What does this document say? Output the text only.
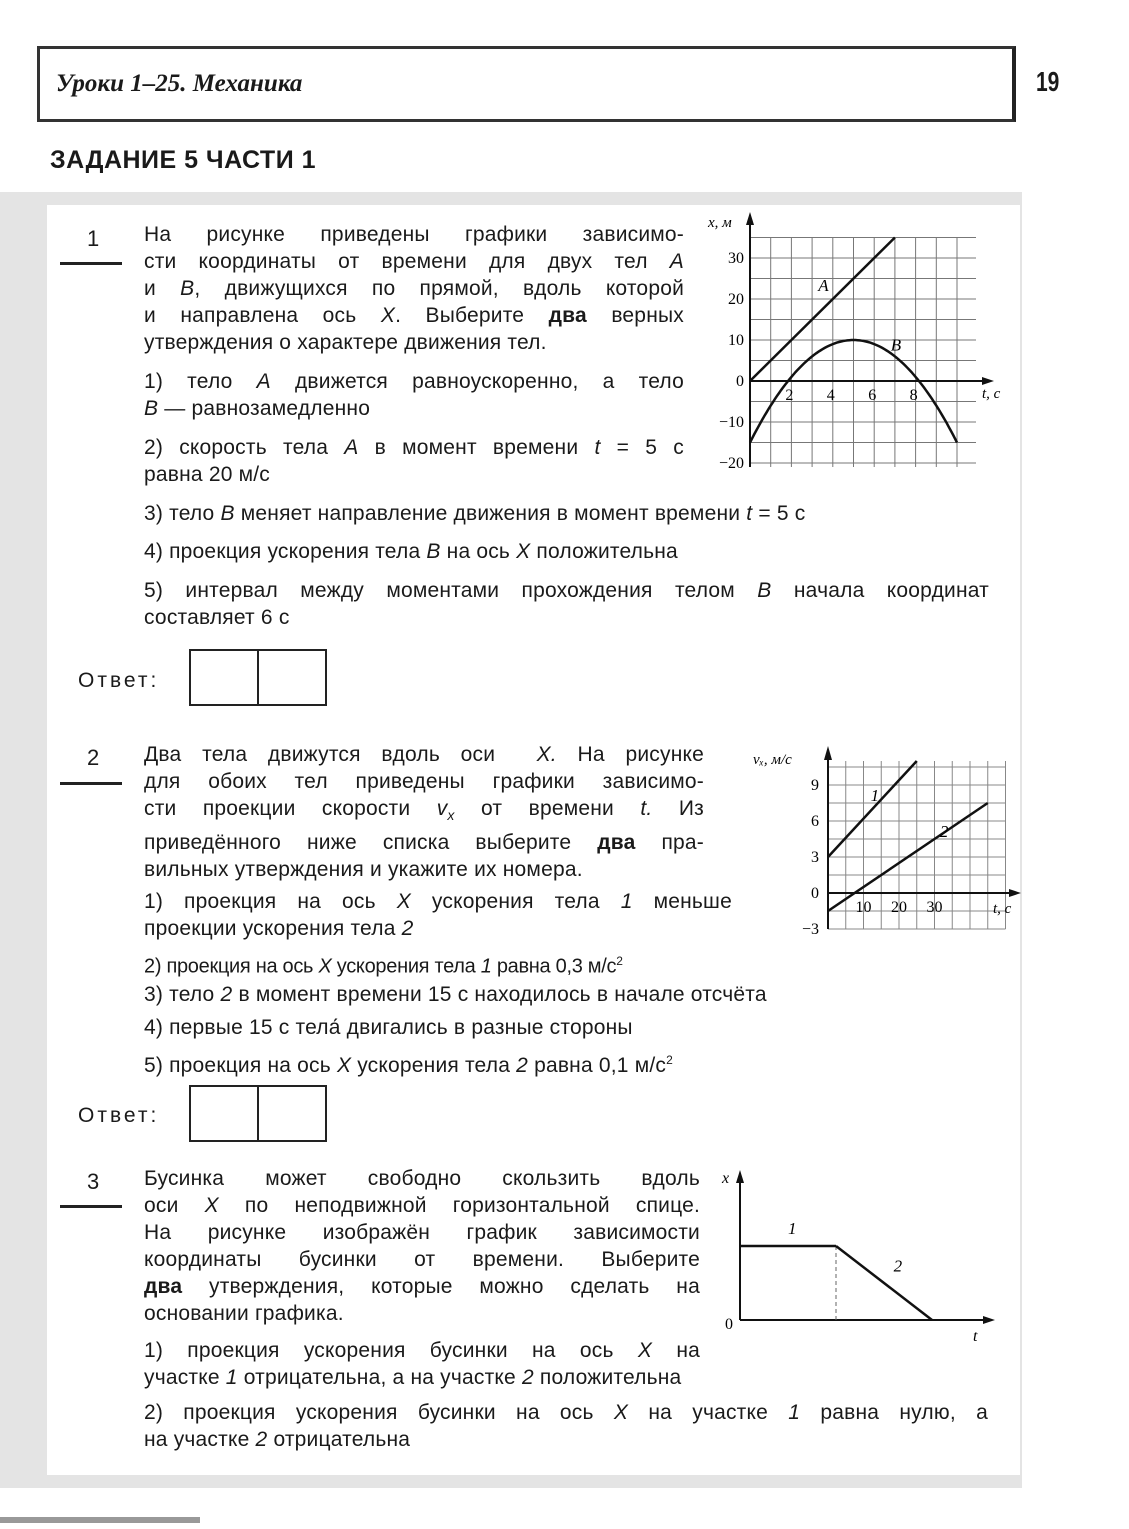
Уроки 1–25. Механика	19
ЗАДАНИЕ 5 ЧАСТИ 1
1 На рисунке приведены графики зависимо-
сти координаты от времени для двух тел A
и B, движущихся по прямой, вдоль которой
и направлена ось X. Выберите два верных
утверждения о характере движения тел.
1) тело A движется равноускоренно, а тело
B — равнозамедленно
2) скорость тела A в момент времени t = 5 с
равна 20 м/с
3) тело B меняет направление движения в момент времени t = 5 с
4) проекция ускорения тела B на ось X положительна
5) интервал между моментами прохождения телом B начала координат
составляет 6 с
Ответ:
x, м
t, с
30
20
10
0
−10
−20
2 4 6 8
A
B
2 Два тела движутся вдоль оси X. На рисунке
для обоих тел приведены графики зависимо-
сти проекции скорости $v_x$ от времени t. Из
приведённого ниже списка выберите два пра-
вильных утверждения и укажите их номера.
1) проекция на ось X ускорения тела 1 меньше
проекции ускорения тела 2
2) проекция на ось X ускорения тела 1 равна 0,3 $м/с^2$
3) тело 2 в момент времени 15 с находилось в начале отсчёта
4) первые 15 с тела́ двигались в разные стороны
5) проекция на ось X ускорения тела 2 равна 0,1 $м/с^2$
Ответ:
vₓ, м/с
t, с
9
6
3
0
−3
10 20 30
1
2
3 Бусинка может свободно скользить вдоль
оси X по неподвижной горизонтальной спице.
На рисунке изображён график зависимости
координаты бусинки от времени. Выберите
два утверждения, которые можно сделать на
основании графика.
1) проекция ускорения бусинки на ось X на
участке 1 отрицательна, а на участке 2 положительна
2) проекция ускорения бусинки на ось X на участке 1 равна нулю, а
на участке 2 отрицательна
x
t
0
1
2
